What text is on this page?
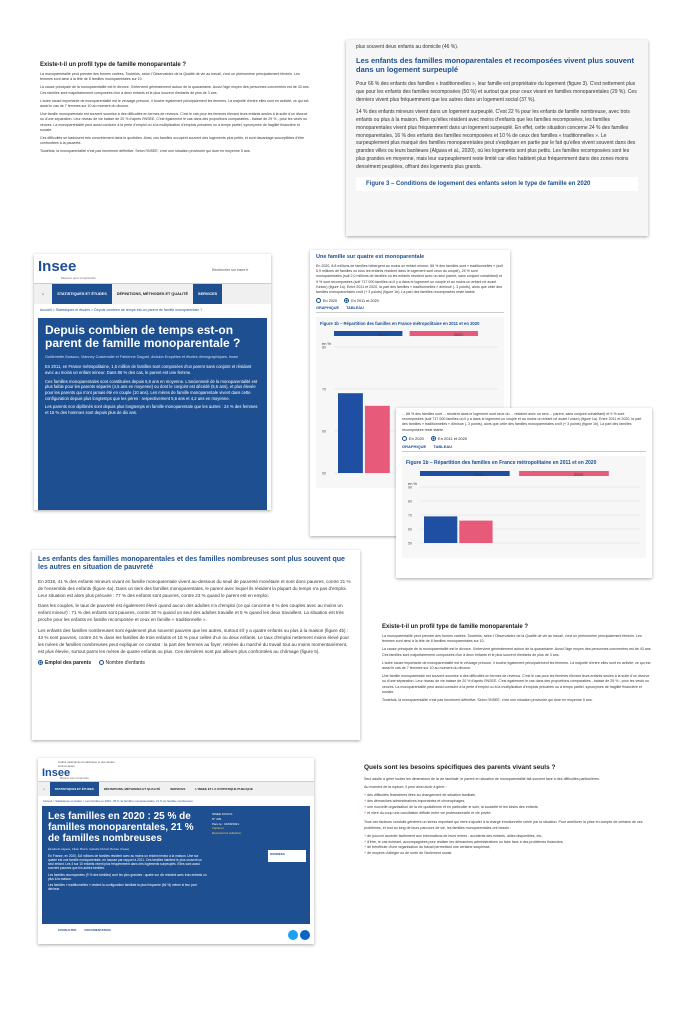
Existe-t-il un profil type de famille monoparentale ?

La monoparentalité peut prendre des formes variées. Toutefois, selon l'Observatoire de la Qualité de vie au travail, c'est un phénomène principalement féminin. Les femmes sont ainsi à la tête de 8 familles monoparentales sur 10.

La cause principale de la monoparentalité est le divorce. Il intervient généralement autour de la quarantaine. Aussi l'âge moyen des personnes concernées est de 43 ans. Ces familles sont majoritairement composées d'un à deux enfants et le plus souvent d'enfants de plus de 3 ans.

L'autre cause importante de monoparentalité est le veuvage précoce, il touche également principalement les femmes. La majorité d'entre elles sont en activité, ce qui est aussi le cas de 7 femmes sur 10 au moment du divorce.

Une famille monoparentale est souvent soumise à des difficultés en termes de revenus. C'est le cas pour les femmes élevant leurs enfants seules à la suite d'un divorce ou d'une séparation. Leur niveau de vie baisse de 20 % d'après l'INSEE. C'est également le cas dans des proportions comparables - baisse de 29 % - pour les veufs ou veuves. La monoparentalité peut aussi conduire à la perte d'emploi ou à la multiplication d'emplois précaires ou à temps partiel, synonymes de fragilité financière et sociale.

Ces difficultés se traduisent très concrètement dans le quotidien. Ainsi, ces familles occupent souvent des logements plus petits, et sont davantage susceptibles d'être confrontées à la pauvreté.

Toutefois, la monoparentalité n'est pas forcément définitive. Selon l'INSEE, c'est une situation provisoire qui dure en moyenne 5 ans.

plus souvent deux enfants au domicile (46 %).

Les enfants des familles monoparentales et recomposées vivent plus souvent dans un logement surpeuplé

Pour 66 % des enfants des familles « traditionnelles », leur famille est propriétaire du logement (figure 3). C'est nettement plus que pour les enfants des familles recomposées (50 %) et surtout que pour ceux vivant en familles monoparentales (29 %). Ces derniers vivent plus fréquemment que les autres dans un logement social (37 %).

14 % des enfants mineurs vivent dans un logement surpeuplé. C'est 22 % pour les enfants de famille nombreuse, avec trois enfants ou plus à la maison. Bien qu'elles résident avec moins d'enfants que les familles recomposées, les familles monoparentales vivent plus fréquemment dans un logement surpeuplé. En effet, cette situation concerne 24 % des familles monoparentales, 16 % des enfants des familles recomposées et 10 % de ceux des familles « traditionnelles ». Le surpeuplement plus marqué des familles monoparentales peut s'expliquer en partie par le fait qu'elles vivent souvent dans des grandes villes ou leurs banlieues (Algava et al., 2020), où les logements sont plus petits. Les familles recomposées sont les plus grandes en moyenne, mais leur surpeuplement reste limité car elles habitent plus fréquemment dans des zones moins densément peuplées, offrant des logements plus grands.

Figure 3 – Conditions de logement des enfants selon le type de famille en 2020
Insee
Mesurer pour comprendre
Rechercher sur insee.fr
⌂	STATISTIQUES ET ÉTUDES	DÉFINITIONS, MÉTHODES ET QUALITÉ	SERVICES
Accueil > Statistiques et études > Depuis combien de temps est-on parent de famille monoparentale ?
Depuis combien de temps est-on parent de famille monoparentale ?
Guillemette Buisson, Vianney Costemalle et Fabienne Daguet, division Enquêtes et études démographiques, Insee

En 2011, en France métropolitaine, 1,5 million de familles sont composées d'un parent sans conjoint et résidant avec au moins un enfant mineur. Dans 86 % des cas, le parent est une femme.

Ces familles monoparentales sont constituées depuis 5,5 ans en moyenne. L'ancienneté de la monoparentalité est plus faible pour les parents séparés (4,5 ans en moyenne) ou dont le conjoint est décédé (5,5 ans), et plus élevée pour les parents qui n'ont jamais été en couple (10 ans). Les mères de famille monoparentale vivent dans cette configuration depuis plus longtemps que les pères : respectivement 5,6 ans et 4,2 ans en moyenne.

Les parents non diplômés sont depuis plus longtemps en famille monoparentale que les autres : 24 % des femmes et 15 % des hommes sont depuis plus de dix ans.

Une famille sur quatre est monoparentale

En 2020, 8,8 millions de familles hébergent au moins un enfant mineur. 66 % des familles sont « traditionnelles » (soit 5,9 millions de familles où tous les enfants résident dans le logement sont ceux du couple), 25 % sont monoparentales (soit 2,0 millions de familles où les enfants résident avec un seul parent, sans conjoint cohabitant) et 9 % sont recomposées (soit 717 000 familles où il y a dans le logement un couple et au moins un enfant né avant l'union) (figure 1a). Entre 2011 et 2020, la part des familles « traditionnelles » diminue (- 3 points), alors que celle des familles monoparentales croît (+ 3 points) (figure 1b). La part des familles recomposées reste stable.

En 2020	En 2011 et 2020
GRAPHIQUE TABLEAU
Figure 1b – Répartition des familles en France métropolitaine en 2011 et en 2020
2011	2020
en %
50
60
70
80

... 66 % des familles sont ... résident dans le logement sont ceux du ... résident avec un seul ... parent, sans conjoint cohabitant) et 9 % sont recomposées (soit 717 000 familles où il y a dans le logement un couple et au moins un enfant né avant l'union) (figure 1a). Entre 2011 et 2020, la part des familles « traditionnelles » diminue (- 3 points), alors que celle des familles monoparentales croît (+ 3 points) (figure 1b). La part des familles recomposées reste stable.

En 2020	En 2011 et 2020
GRAPHIQUE TABLEAU
Figure 1b – Répartition des familles en France métropolitaine en 2011 et en 2020
2011	2020
en %
50
60
70
80
90
Les enfants des familles monoparentales et des familles nombreuses sont plus souvent que les autres en situation de pauvreté

En 2018, 41 % des enfants mineurs vivant en famille monoparentale vivent au-dessous du seuil de pauvreté monétaire et sont donc pauvres, contre 21 % de l'ensemble des enfants (figure 4a). Dans un tiers des familles monoparentales, le parent avec lequel ils résident la plupart du temps n'a pas d'emploi. Leur situation est alors plus précaire : 77 % des enfants sont pauvres, contre 23 % quand le parent est en emploi.

Dans les couples, le taux de pauvreté est également élevé quand aucun des adultes n'a d'emploi (ce qui concerne 6 % des couples avec au moins un enfant mineur) : 71 % des enfants sont pauvres, contre 30 % quand un seul des adultes travaille et 5 % quand les deux travaillent. La situation est très proche pour les enfants en famille recomposée et ceux en famille « traditionnelle ».

Les enfants des familles nombreuses sont également plus souvent pauvres que les autres, surtout s'il y a quatre enfants ou plus à la maison (figure 4b) : 43 % sont pauvres, contre 24 % dans les familles de trois enfants et 16 % pour celles d'un ou deux enfants. Le taux d'emploi nettement moins élevé pour les mères de familles nombreuses peut expliquer ce constat : la part des femmes au foyer, retirées du marché du travail tout au moins momentanément, est plus élevée, surtout parmi les mères de quatre enfants ou plus. Ces dernières sont par ailleurs plus confrontées au chômage (figure 5).

Emploi des parents	Nombre d'enfants
Existe-t-il un profil type de famille monoparentale ?

La monoparentalité peut prendre des formes variées. Toutefois, selon l'Observatoire de la Qualité de vie au travail, c'est un phénomène principalement féminin. Les femmes sont ainsi à la tête de 8 familles monoparentales sur 10.

La cause principale de la monoparentalité est le divorce. Il intervient généralement autour de la quarantaine. Aussi l'âge moyen des personnes concernées est de 43 ans. Ces familles sont majoritairement composées d'un à deux enfants et le plus souvent d'enfants de plus de 3 ans.

L'autre cause importante de monoparentalité est le veuvage précoce, il touche également principalement les femmes. La majorité d'entre elles sont en activité, ce qui est aussi le cas de 7 femmes sur 10 au moment du divorce.

Une famille monoparentale est souvent soumise à des difficultés en termes de revenus. C'est le cas pour les femmes élevant leurs enfants seules à la suite d'un divorce ou d'une séparation. Leur niveau de vie baisse de 20 % d'après l'INSEE. C'est également le cas dans des proportions comparables - baisse de 29 % - pour les veufs ou veuves. La monoparentalité peut aussi conduire à la perte d'emploi ou à la multiplication d'emplois précaires ou à temps partiel, synonymes de fragilité financière et sociale.

Toutefois, la monoparentalité n'est pas forcément définitive. Selon l'INSEE, c'est une situation provisoire qui dure en moyenne 5 ans.

Institut national de la statistique et des études économiques
Insee
Mesurer pour comprendre
⌂	STATISTIQUES ET ÉTUDES	DÉFINITIONS, MÉTHODES ET QUALITÉ	SERVICES	L'INSEE ET LA STATISTIQUE PUBLIQUE
Accueil > Statistiques et études > Les familles en 2020 : 25 % de familles monoparentales, 21 % de familles nombreuses
Les familles en 2020 : 25 % de familles monoparentales, 21 % de familles nombreuses
Élisabeth Algava, Kilian Bloch, Isabelle Robert-Bobée (Insee)

En France, en 2020, 8,8 millions de familles résident avec au moins un enfant mineur à la maison. Une sur quatre est une famille monoparentale, en hausse par rapport à 2011. Ces familles habitent le plus souvent un seul enfant. Les 4 sur 10 enfants vivent plus fréquemment dans des logements surpeuplés. Elles sont aussi souvent pauvres que les autres familles.

Les familles recomposées (9 % des familles) sont les plus grandes : quatre sur dix résident avec trois enfants ou plus à la maison.

Les familles « traditionnelles » restent la configuration familiale la plus fréquente (66 %) même si leur part diminue.

INSEE FOCUS
N° 249
Paru le : 13/09/2021
Imprimer
Découvrir la collection
DONNÉES
CONSULTER	DOCUMENTATION
Quels sont les besoins spécifiques des parents vivant seuls ?

Seul adulte à gérer toutes les dimensions de la vie familiale, le parent en situation de monoparentalité fait souvent face à des difficultés particulières.

Au moment de la rupture, il peut ainsi avoir à gérer :

+ des difficultés financières liées au changement de situation familiale,
+ des démarches administratives importantes et chronophages,
+ une nouvelle organisation de la vie quotidienne et en particulier le soin, la scolarité et les loisirs des enfants,
+ et vivre du coup une conciliation difficile entre vie professionnelle et vie privée.

Tous ces facteurs conduits génèrent un stress important qui vient s'ajouter à la charge émotionnelle créée par la situation. Pour améliorer la prise en compte de certains de ces problèmes, et tout au long de leurs parcours de vie, les familles monoparentales ont besoin :

+ de pouvoir accéder facilement aux informations de leurs entres : accidents des enfants, aides disponibles, etc.,
+ d'être, le cas échéant, accompagnées pour réaliser les démarches administratives ou faire face à des problèmes financiers,
+ de bénéficier d'une organisation du travail permettant une certaine souplesse,
+ de moyens d'alléger ou de sortir de l'isolement social.
